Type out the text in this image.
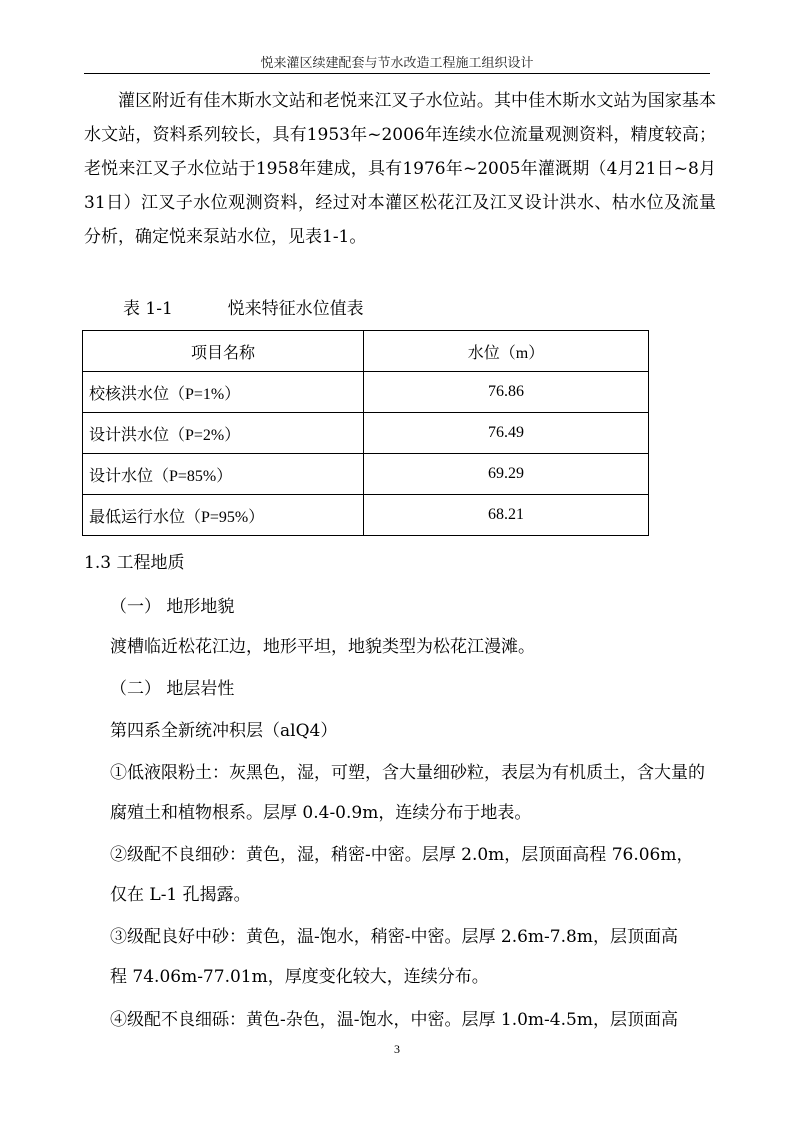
悦来灌区续建配套与节水改造工程施工组织设计

灌区附近有佳木斯水文站和老悦来江叉子水位站。其中佳木斯水文站为国家基本水文站，资料系列较长，具有1953年~2006年连续水位流量观测资料，精度较高；老悦来江叉子水位站于1958年建成，具有1976年~2005年灌溉期（4月21日~8月31日）江叉子水位观测资料，经过对本灌区松花江及江叉设计洪水、枯水位及流量分析，确定悦来泵站水位，见表1-1。

表 1-1	悦来特征水位值表
项目名称	水位（m）
校核洪水位（P=1%）	76.86
设计洪水位（P=2%）	76.49
设计水位（P=85%）	69.29
最低运行水位（P=95%）	68.21
1.3 工程地质
（一） 地形地貌
渡槽临近松花江边，地形平坦，地貌类型为松花江漫滩。
（二） 地层岩性
第四系全新统冲积层（alQ4）
①低液限粉土：灰黑色，湿，可塑，含大量细砂粒，表层为有机质土，含大量的
腐殖土和植物根系。层厚 0.4-0.9m，连续分布于地表。
②级配不良细砂：黄色，湿，稍密-中密。层厚 2.0m，层顶面高程 76.06m，
仅在 L-1 孔揭露。
③级配良好中砂：黄色，温-饱水，稍密-中密。层厚 2.6m-7.8m，层顶面高
程 74.06m-77.01m，厚度变化较大，连续分布。
④级配不良细砾：黄色-杂色，温-饱水，中密。层厚 1.0m-4.5m，层顶面高
3
